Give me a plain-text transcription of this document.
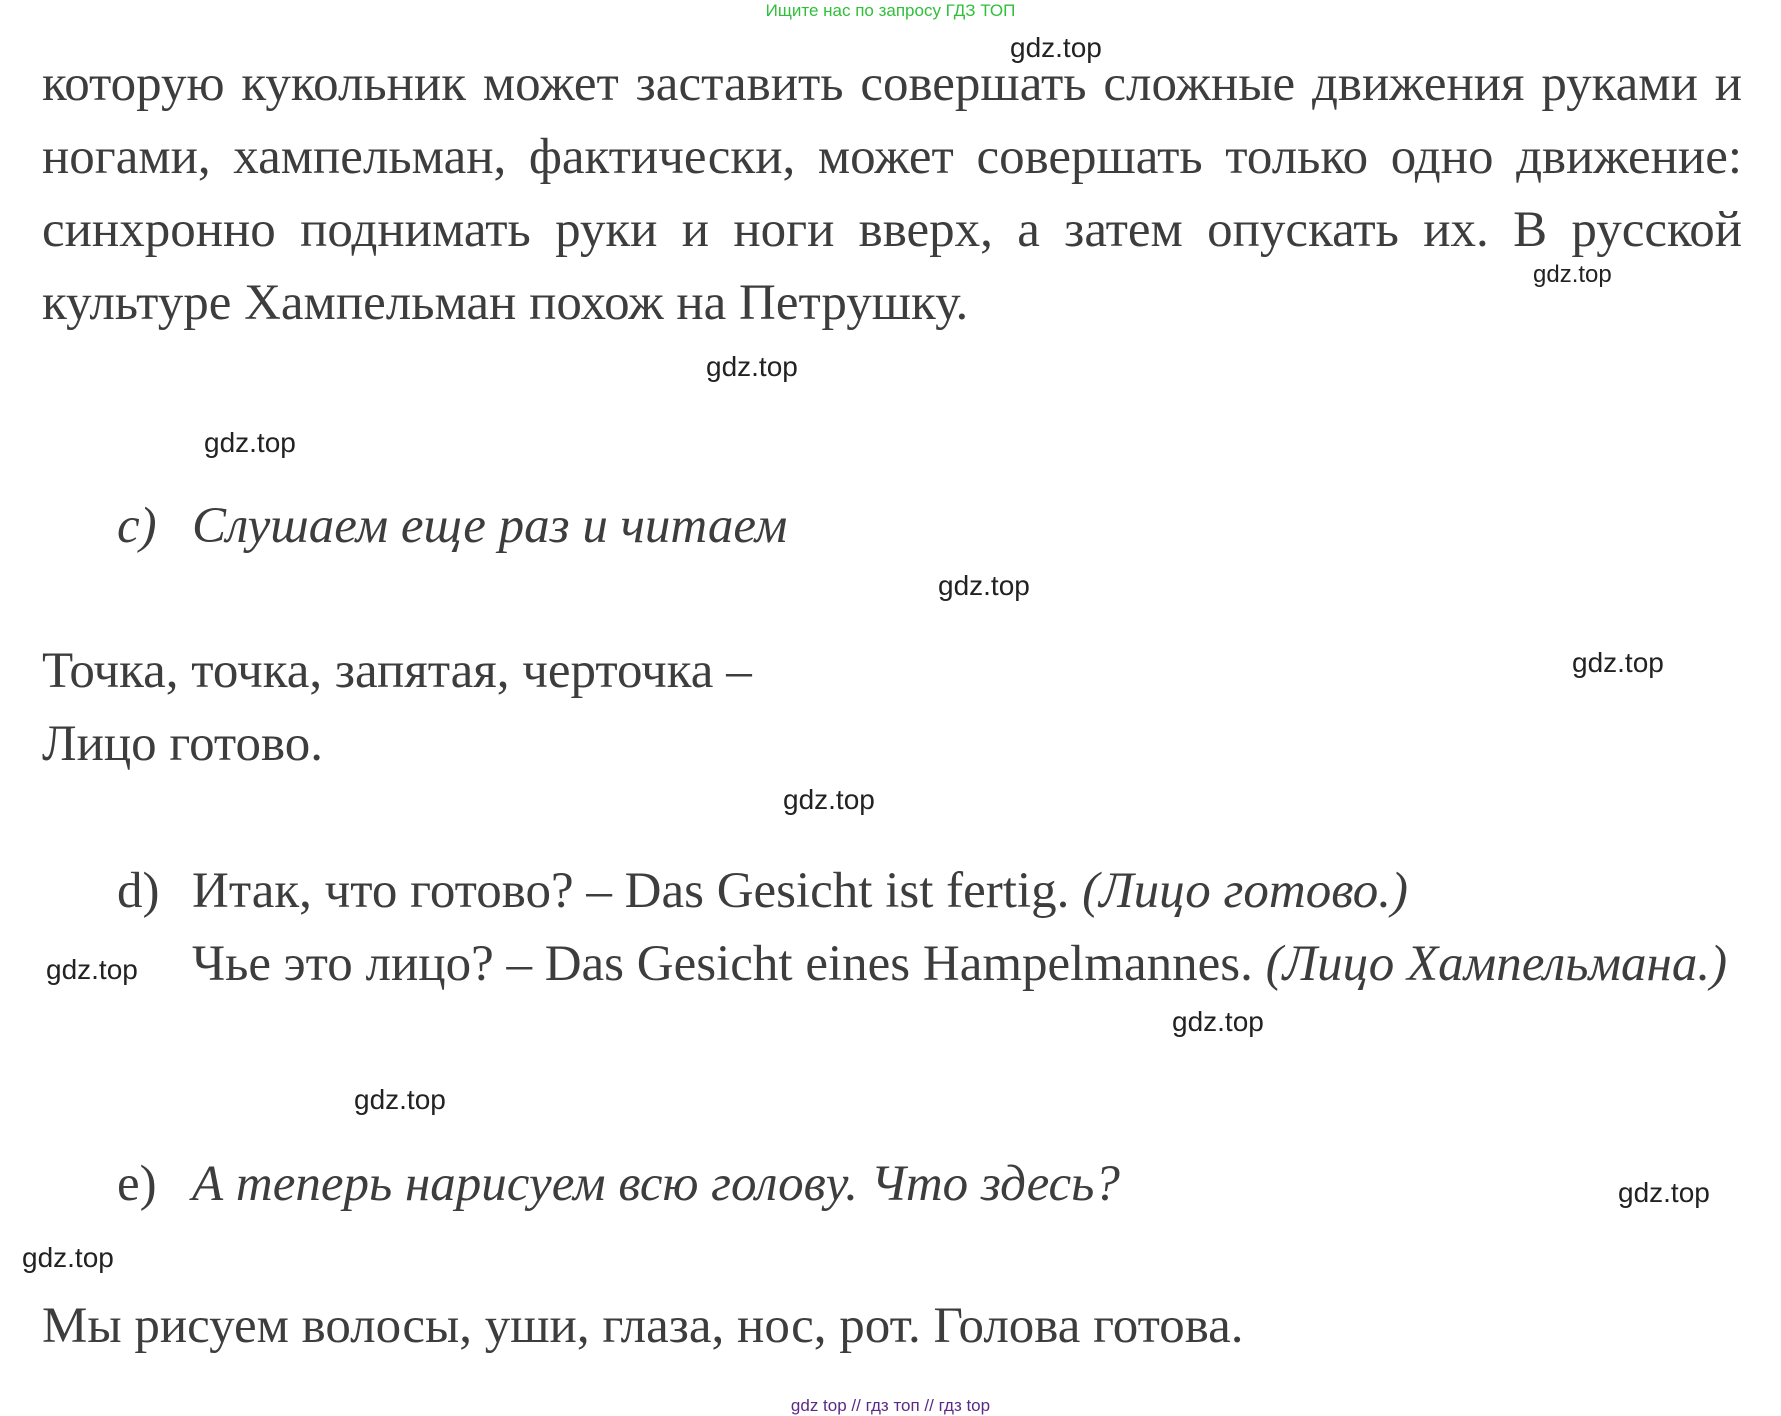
Ищите нас по запросу ГДЗ ТОП
gdz.top
gdz.top
gdz.top
gdz.top
gdz.top
gdz.top
gdz.top
gdz.top
gdz.top
gdz.top
gdz.top
gdz.top
которую кукольник может заставить совершать сложные движения руками и ногами, хампельман, фактически, может совершать только одно движение: синхронно поднимать руки и ноги вверх, а затем опускать их. В русской культуре Хампельман похож на Петрушку.
c) Слушаем еще раз и читаем
Точка, точка, запятая, черточка –
Лицо готово.
d) Итак, что готово? – Das Gesicht ist fertig. (Лицо готово.)
Чье это лицо? – Das Gesicht eines Hampelmannes. (Лицо Хампельмана.)
e) А теперь нарисуем всю голову. Что здесь?
Мы рисуем волосы, уши, глаза, нос, рот. Голова готова.
gdz top // гдз топ // гдз top
